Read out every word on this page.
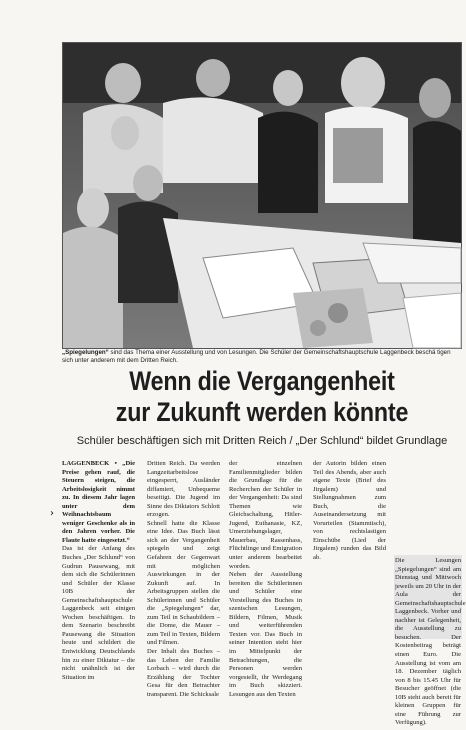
„Spiegelungen“ sind das Thema einer Ausstellung und von Lesungen. Die Schüler der Gemeinschaftshauptschule Laggenbeck beschä tigen sich unter anderem mit dem Dritten Reich.
Wenn die Vergangenheit
zur Zukunft werden könnte
Schüler beschäftigen sich mit Dritten Reich / „Der Schlund“ bildet Grundlage
›
LAGGENBECK • „Die Preise gehen rauf, die Steuern steigen, die Arbeitslosigkeit nimmt zu. In diesem Jahr lagen unter dem Weihnachtsbaum weniger Geschenke als in den Jahren vorher. Die Flaute hatte eingesetzt.“
Das ist der Anfang des Buches „Der Schlund“ von Gudrun Pausewang, mit dem sich die Schülerinnen und Schüler der Klasse 10B der Gemeinschaftshauptschule Laggenbeck seit einigen Wochen beschäftigen. In dem Szenario beschreibt Pausewang die Situation heute und schildert die Entwicklung Deutschlands hin zu einer Diktatur – die nicht unähnlich ist der Situation im
Dritten Reich. Da werden Langzeitarbeitslose eingesperrt, Ausländer diffamiert, Unbequeme beseitigt. Die Jugend im Sinne des Diktators Schlott erzogen.
Schnell hatte die Klasse eine Idee. Das Buch lässt sich an der Vergangenheit spiegeln und zeigt Gefahren der Gegenwart mit möglichen Auswirkungen in der Zukunft auf. In Arbeitsgruppen stellen die Schülerinnen und Schüler die „Spiegelungen“ dar, zum Teil in Schaubildern – die Dome, die Mauer – zum Teil in Texten, Bildern und Filmen.
Der Inhalt des Buches – das Leben der Familie Lorbach – wird durch die Erzählung der Tochter Gesa für den Betrachter transparent. Die Schicksale
der einzelnen Familienmitglieder bilden die Grundlage für die Recherchen der Schüler in der Vergangenheit: Da sind Themen wie Gleichschaltung, Hitler-Jugend, Euthanasie, KZ, Umerziehungslager, Mauerbau, Rassenhass, Flüchtlinge und Emigration unter anderem bearbeitet worden.
Neben der Ausstellung bereiten die Schülerinnen und Schüler eine Vorstellung des Buches in szenischen Lesungen, Bildern, Filmen, Musik und weiterführenden Texten vor. Das Buch in seiner Intention steht hier im Mittelpunkt der Betrachtungen, die Personen werden vorgestellt, ihr Werdegang im Buch skizziert. Lesungen aus den Texten
der Autorin bilden einen Teil des Abends, aber auch eigene Texte (Brief des Jirgalem) und Stellungnahmen zum Buch, die Auseinandersetzung mit Vorurteilen (Stammtisch), von rechtslastigen Einschübe (Lied der Jirgalem) runden das Bild ab.	Die Lesungen „Spiegelungen“ sind am Dienstag und Mittwoch jeweils um 20 Uhr in der Aula der Gemeinschaftshauptschule Laggenbeck. Vorher und nachher ist Gelegenheit, die Ausstellung zu besuchen. Der Kostenbeitrag beträgt einen Euro. Die Ausstellung ist vom am 18. Dezember täglich von 8 bis 15.45 Uhr für Besucher geöffnet (die 10B steht auch bereit für kleinen Gruppen für eine Führung zur Verfügung).
